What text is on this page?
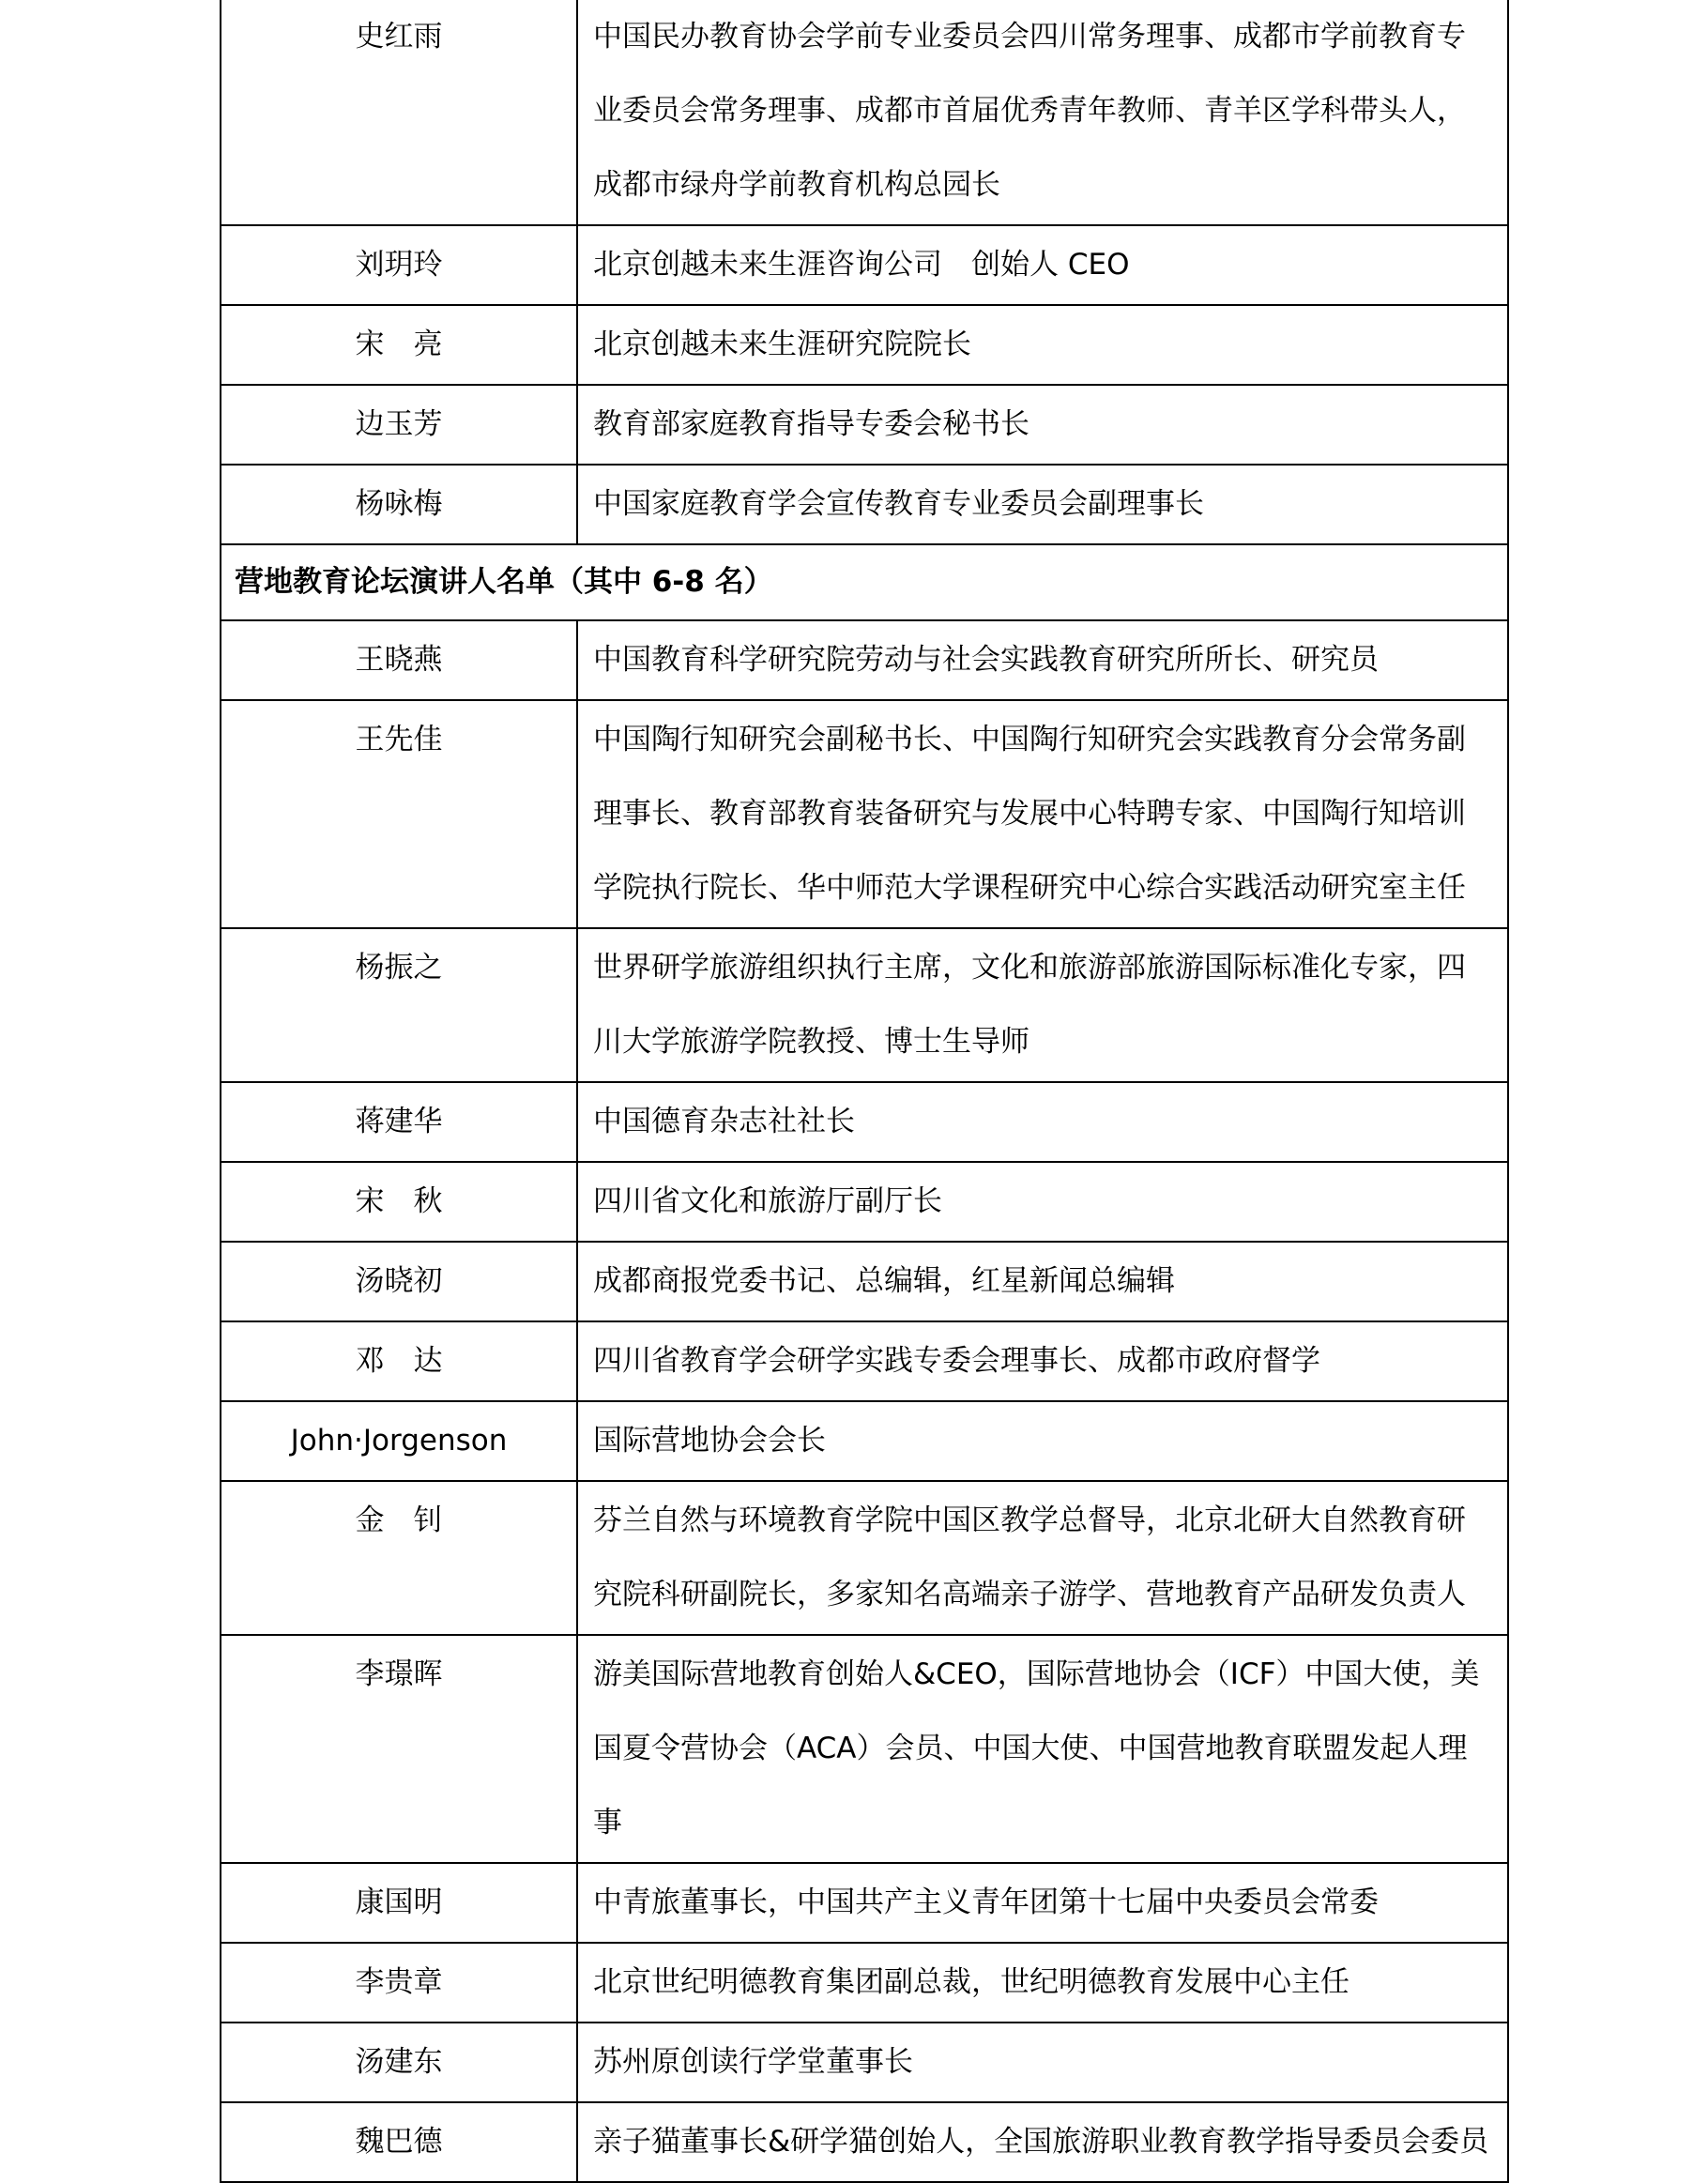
史红雨	中国民办教育协会学前专业委员会四川常务理事、成都市学前教育专业委员会常务理事、成都市首届优秀青年教师、青羊区学科带头人，成都市绿舟学前教育机构总园长

刘玥玲	北京创越未来生涯咨询公司　创始人 CEO

宋　亮	北京创越未来生涯研究院院长

边玉芳	教育部家庭教育指导专委会秘书长

杨咏梅	中国家庭教育学会宣传教育专业委员会副理事长
营地教育论坛演讲人名单（其中 6-8 名）	

王晓燕	中国教育科学研究院劳动与社会实践教育研究所所长、研究员

王先佳	中国陶行知研究会副秘书长、中国陶行知研究会实践教育分会常务副理事长、教育部教育装备研究与发展中心特聘专家、中国陶行知培训学院执行院长、华中师范大学课程研究中心综合实践活动研究室主任

杨振之	世界研学旅游组织执行主席，文化和旅游部旅游国际标准化专家，四川大学旅游学院教授、博士生导师

蒋建华	中国德育杂志社社长

宋　秋	四川省文化和旅游厅副厅长

汤晓初	成都商报党委书记、总编辑，红星新闻总编辑

邓　达	四川省教育学会研学实践专委会理事长、成都市政府督学

John·Jorgenson	国际营地协会会长

金　钊	芬兰自然与环境教育学院中国区教学总督导，北京北研大自然教育研究院科研副院长，多家知名高端亲子游学、营地教育产品研发负责人

李璟晖	游美国际营地教育创始人&CEO，国际营地协会（ICF）中国大使，美国夏令营协会（ACA）会员、中国大使、中国营地教育联盟发起人理事

康国明	中青旅董事长，中国共产主义青年团第十七届中央委员会常委

李贵章	北京世纪明德教育集团副总裁，世纪明德教育发展中心主任

汤建东	苏州原创读行学堂董事长

魏巴德	亲子猫董事长&研学猫创始人，全国旅游职业教育教学指导委员会委员
